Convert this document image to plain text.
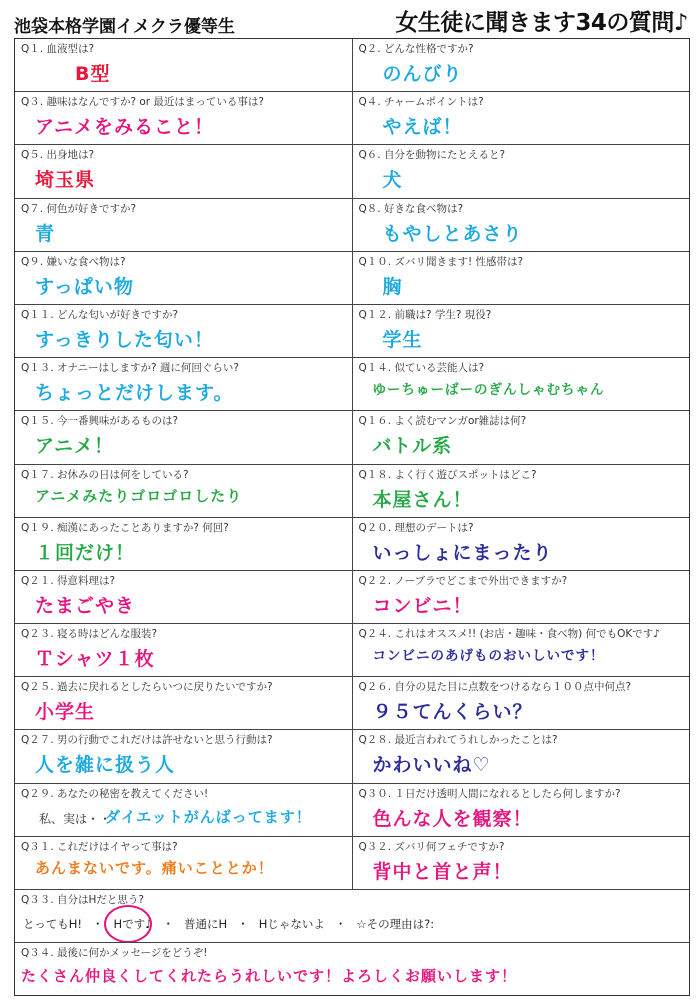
池袋本格学園イメクラ優等生	女生徒に聞きます34の質問♪
Q１. 血液型は?
B型
Q２. どんな性格ですか?
のんびり
Q３. 趣味はなんですか? or 最近はまっている事は?
アニメをみること！
Q４. チャームポイントは?
やえば！
Q５. 出身地は?
埼玉県
Q６. 自分を動物にたとえると?
犬
Q７. 何色が好きですか?
青
Q８. 好きな食べ物は?
もやしとあさり
Q９. 嫌いな食べ物は?
すっぱい物
Q１０. ズバリ聞きます! 性感帯は?
胸
Q１１. どんな匂いが好きですか?
すっきりした匂い！
Q１２. 前職は? 学生? 現役?
学生
Q１３. オナニーはしますか? 週に何回ぐらい?
ちょっとだけします。
Q１４. 似ている芸能人は?
ゆーちゅーばーのぎんしゃむちゃん
Q１５. 今一番興味があるものは?
アニメ！
Q１６. よく読むマンガor雑誌は何?
バトル系
Q１７. お休みの日は何をしている?
アニメみたりゴロゴロしたり
Q１８. よく行く遊びスポットはどこ?
本屋さん！
Q１９. 痴漢にあったことありますか? 何回?
１回だけ！
Q２０. 理想のデートは?
いっしょにまったり
Q２１. 得意料理は?
たまごやき
Q２２. ノーブラでどこまで外出できますか?
コンビニ！
Q２３. 寝る時はどんな服装?
Ｔシャツ１枚
Q２４. これはオススメ!! (お店・趣味・食べ物) 何でもOKです♪
コンビニのあげものおいしいです！
Q２５. 過去に戻れるとしたらいつに戻りたいですか?
小学生
Q２６. 自分の見た目に点数をつけるなら１００点中何点?
９５てんくらい？
Q２７. 男の行動でこれだけは許せないと思う行動は?
人を雑に扱う人
Q２８. 最近言われてうれしかったことは?
かわいいね♡
Q２９. あなたの秘密を教えてください!
私、実は・・
ダイエットがんばってます！
Q３０. １日だけ透明人間になれるとしたら何しますか?
色んな人を観察！
Q３１. これだけはイヤって事は?
あんまないです。痛いこととか！
Q３２. ズバリ何フェチですか?
背中と首と声！
Q３３. 自分はHだと思う?
とってもH! ・ Hです♪ ・ 普通にH ・ Hじゃないよ ・ ☆その理由は?:
Q３４. 最後に何かメッセージをどうぞ!
たくさん仲良くしてくれたらうれしいです！よろしくお願いします！
